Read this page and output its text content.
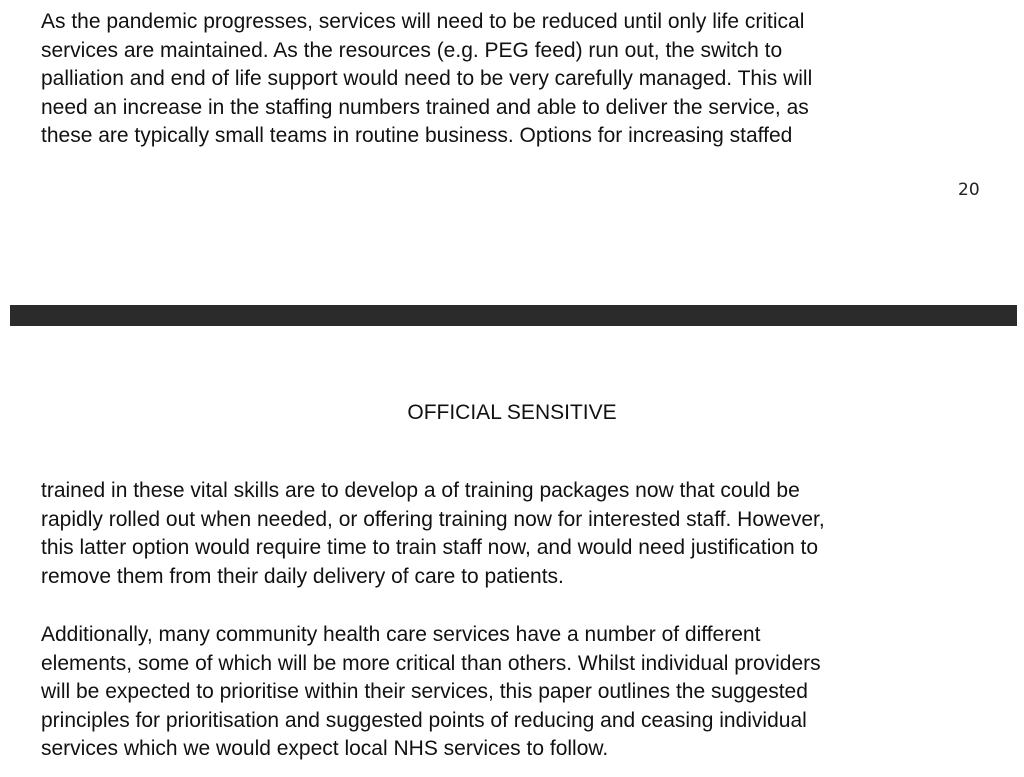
As the pandemic progresses, services will need to be reduced until only life critical
services are maintained. As the resources (e.g. PEG feed) run out, the switch to
palliation and end of life support would need to be very carefully managed. This will
need an increase in the staffing numbers trained and able to deliver the service, as
these are typically small teams in routine business. Options for increasing staffed

20
OFFICIAL SENSITIVE

trained in these vital skills are to develop a of training packages now that could be
rapidly rolled out when needed, or offering training now for interested staff. However,
this latter option would require time to train staff now, and would need justification to
remove them from their daily delivery of care to patients.

Additionally, many community health care services have a number of different
elements, some of which will be more critical than others. Whilst individual providers
will be expected to prioritise within their services, this paper outlines the suggested
principles for prioritisation and suggested points of reducing and ceasing individual
services which we would expect local NHS services to follow.
